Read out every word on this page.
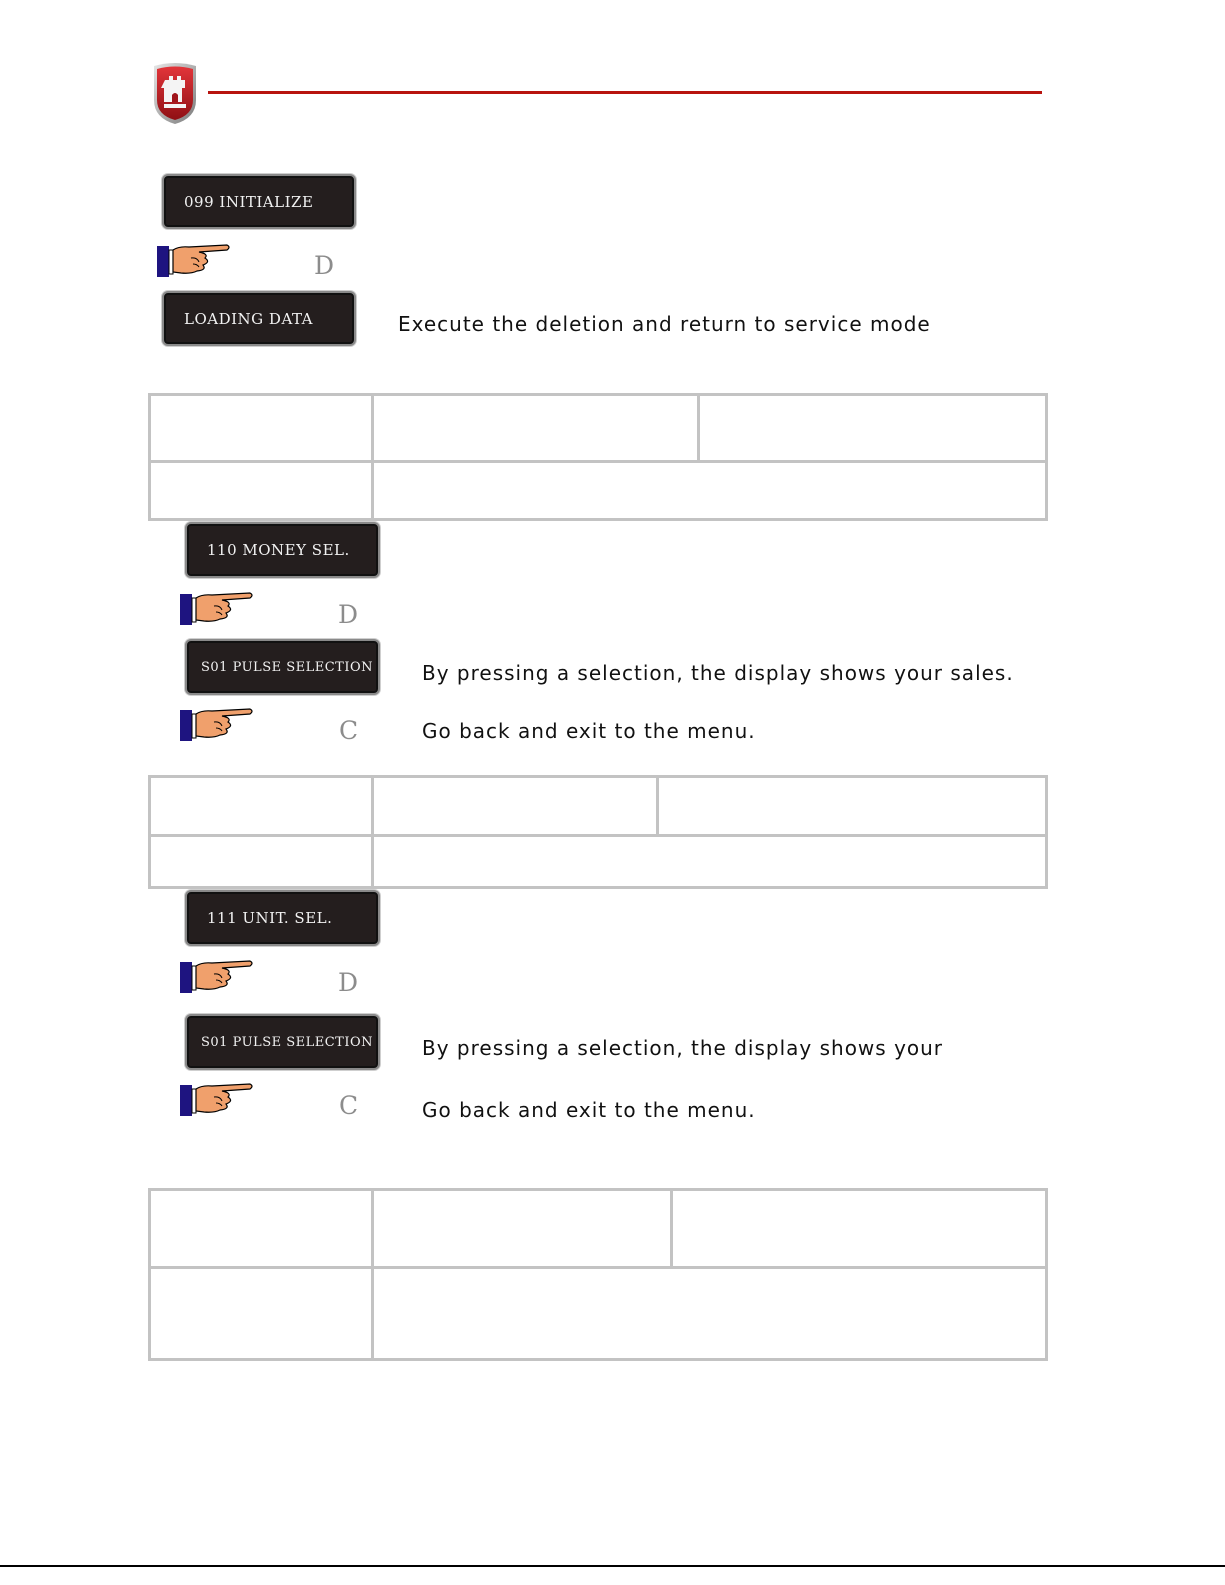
099 INITIALIZE
D
LOADING DATA	Execute the deletion and return to service mode
110 MONEY SEL.
D
S01 PULSE SELECTION	By pressing a selection, the display shows your sales.
C	Go back and exit to the menu.
111 UNIT. SEL.
D
S01 PULSE SELECTION	By pressing a selection, the display shows your
C	Go back and exit to the menu.
